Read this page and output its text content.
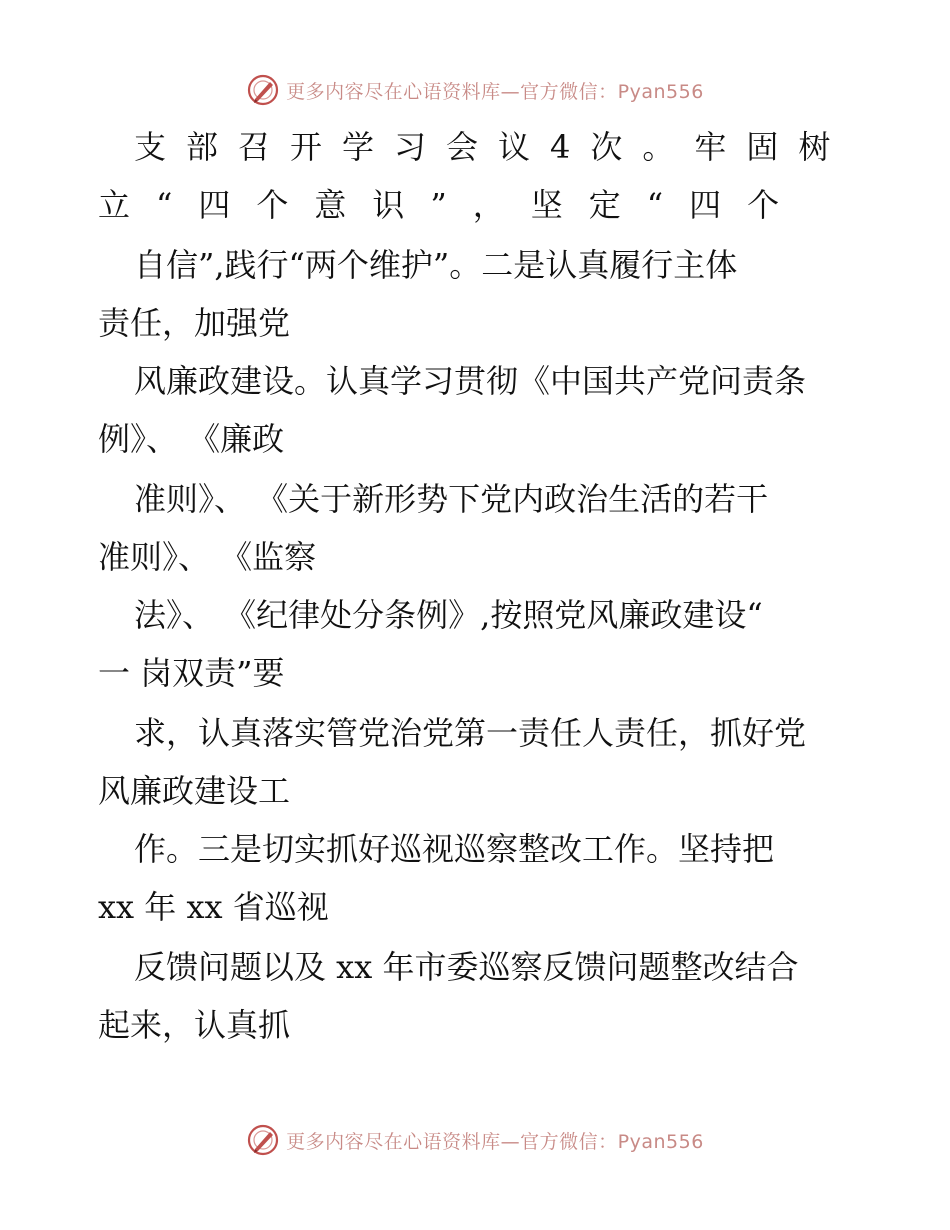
更多内容尽在心语资料库—官方微信：Pyan556
支部召开学习会议4次。牢固树
立“四个意识”，坚定“四个
自信”,践行“两个维护”。二是认真履行主体
责任，加强党
风廉政建设。认真学习贯彻《中国共产党问责条
例》、 《廉政
准则》、 《关于新形势下党内政治生活的若干
准则》、 《监察
法》、 《纪律处分条例》,按照党风廉政建设“
一 岗双责”要
求，认真落实管党治党第一责任人责任，抓好党
风廉政建设工
作。三是切实抓好巡视巡察整改工作。坚持把
xx 年 xx 省巡视
反馈问题以及 xx 年市委巡察反馈问题整改结合
起来，认真抓
更多内容尽在心语资料库—官方微信：Pyan556
